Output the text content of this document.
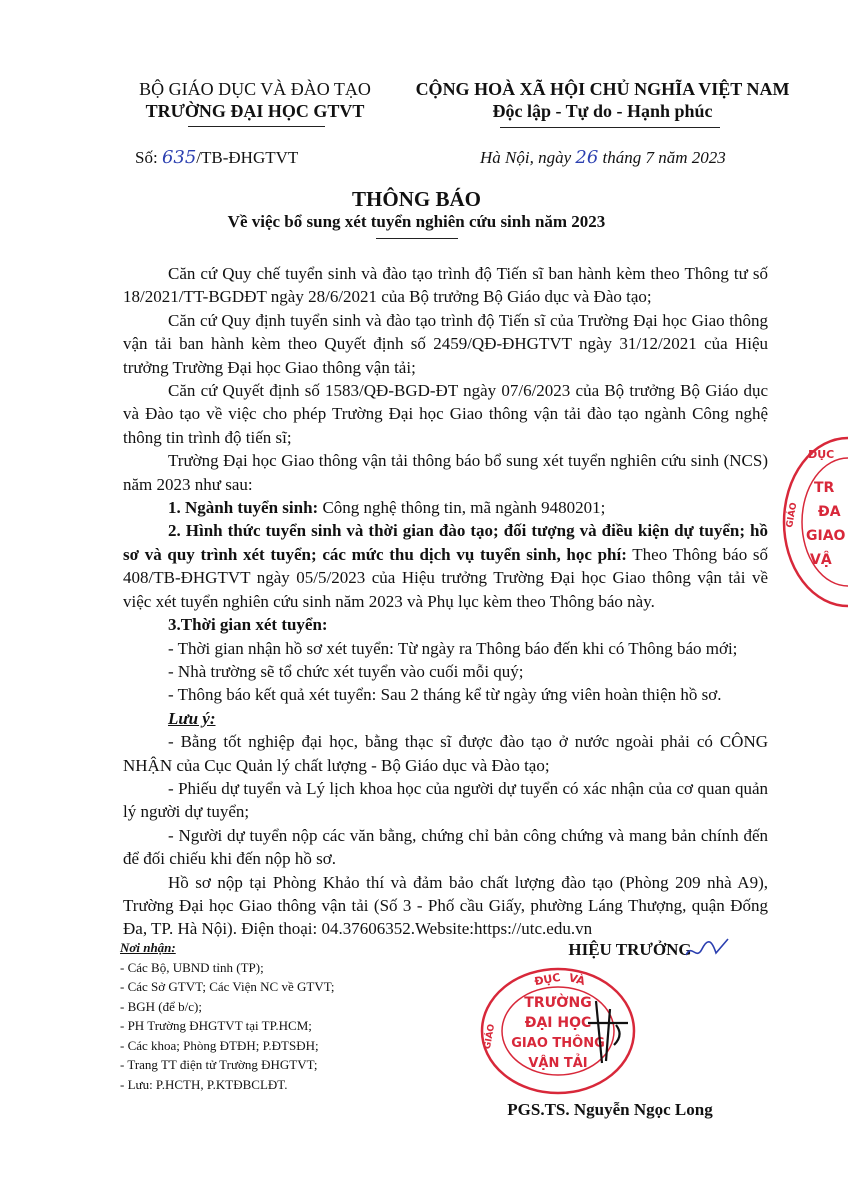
BỘ GIÁO DỤC VÀ ĐÀO TẠO
TRƯỜNG ĐẠI HỌC GTVT
CỘNG HOÀ XÃ HỘI CHỦ NGHĨA VIỆT NAM
Độc lập - Tự do - Hạnh phúc
Số: 635/TB-ĐHGTVT	Hà Nội, ngày 26 tháng 7 năm 2023
THÔNG BÁO
Về việc bổ sung xét tuyển nghiên cứu sinh năm 2023

Căn cứ Quy chế tuyển sinh và đào tạo trình độ Tiến sĩ ban hành kèm theo Thông tư số 18/2021/TT-BGDĐT ngày 28/6/2021 của Bộ trưởng Bộ Giáo dục và Đào tạo;

Căn cứ Quy định tuyển sinh và đào tạo trình độ Tiến sĩ của Trường Đại học Giao thông vận tải ban hành kèm theo Quyết định số 2459/QĐ-ĐHGTVT ngày 31/12/2021 của Hiệu trưởng Trường Đại học Giao thông vận tải;

Căn cứ Quyết định số 1583/QĐ-BGD-ĐT ngày 07/6/2023 của Bộ trưởng Bộ Giáo dục và Đào tạo về việc cho phép Trường Đại học Giao thông vận tải đào tạo ngành Công nghệ thông tin trình độ tiến sĩ;

Trường Đại học Giao thông vận tải thông báo bổ sung xét tuyển nghiên cứu sinh (NCS) năm 2023 như sau:

1. Ngành tuyển sinh: Công nghệ thông tin, mã ngành 9480201;

2. Hình thức tuyển sinh và thời gian đào tạo; đối tượng và điều kiện dự tuyển; hồ sơ và quy trình xét tuyển; các mức thu dịch vụ tuyển sinh, học phí: Theo Thông báo số 408/TB-ĐHGTVT ngày 05/5/2023 của Hiệu trưởng Trường Đại học Giao thông vận tải về việc xét tuyển nghiên cứu sinh năm 2023 và Phụ lục kèm theo Thông báo này.

3.Thời gian xét tuyển:

- Thời gian nhận hồ sơ xét tuyển: Từ ngày ra Thông báo đến khi có Thông báo mới;

- Nhà trường sẽ tổ chức xét tuyển vào cuối mỗi quý;

- Thông báo kết quả xét tuyển: Sau 2 tháng kể từ ngày ứng viên hoàn thiện hồ sơ.

Lưu ý:

- Bằng tốt nghiệp đại học, bằng thạc sĩ được đào tạo ở nước ngoài phải có CÔNG NHẬN của Cục Quản lý chất lượng - Bộ Giáo dục và Đào tạo;

- Phiếu dự tuyển và Lý lịch khoa học của người dự tuyển có xác nhận của cơ quan quản lý người dự tuyển;

- Người dự tuyển nộp các văn bằng, chứng chỉ bản công chứng và mang bản chính đến để đối chiếu khi đến nộp hồ sơ.

Hồ sơ nộp tại Phòng Khảo thí và đảm bảo chất lượng đào tạo (Phòng 209 nhà A9), Trường Đại học Giao thông vận tải (Số 3 - Phố cầu Giấy, phường Láng Thượng, quận Đống Đa, TP. Hà Nội). Điện thoại: 04.37606352.Website:https://utc.edu.vn

Nơi nhận:
- Các Bộ, UBND tỉnh (TP);
- Các Sở GTVT; Các Viện NC về GTVT;
- BGH (để b/c);
- PH Trường ĐHGTVT tại TP.HCM;
- Các khoa; Phòng ĐTĐH; P.ĐTSĐH;
- Trang TT điện tử Trường ĐHGTVT;
- Lưu: P.HCTH, P.KTĐBCLĐT.
HIỆU TRƯỞNG
ĐỤC VÀ
GIÁO
TRƯỜNG
ĐẠI HỌC
GIAO THÔNG
VẬN TẢI
PGS.TS. Nguyễn Ngọc Long
ĐỤC
TR
ĐA
GIAO
VẬ
GIÁO
